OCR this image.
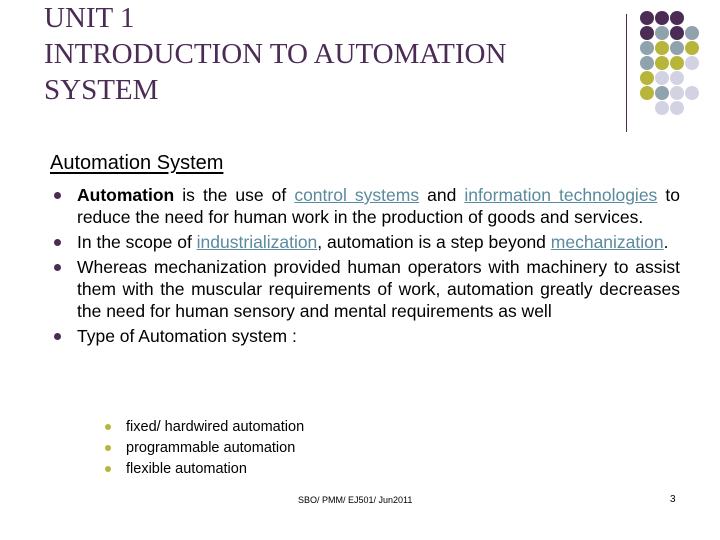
UNIT 1
INTRODUCTION TO AUTOMATION
SYSTEM
Automation System
Automation is the use of control systems and information technologies to reduce the need for human work in the production of goods and services.
In the scope of industrialization, automation is a step beyond mechanization.
Whereas mechanization provided human operators with machinery to assist them with the muscular requirements of work, automation greatly decreases the need for human sensory and mental requirements as well
Type of Automation system :
fixed/ hardwired automation
programmable automation
flexible automation
SBO/ PMM/ EJ501/ Jun2011	3
